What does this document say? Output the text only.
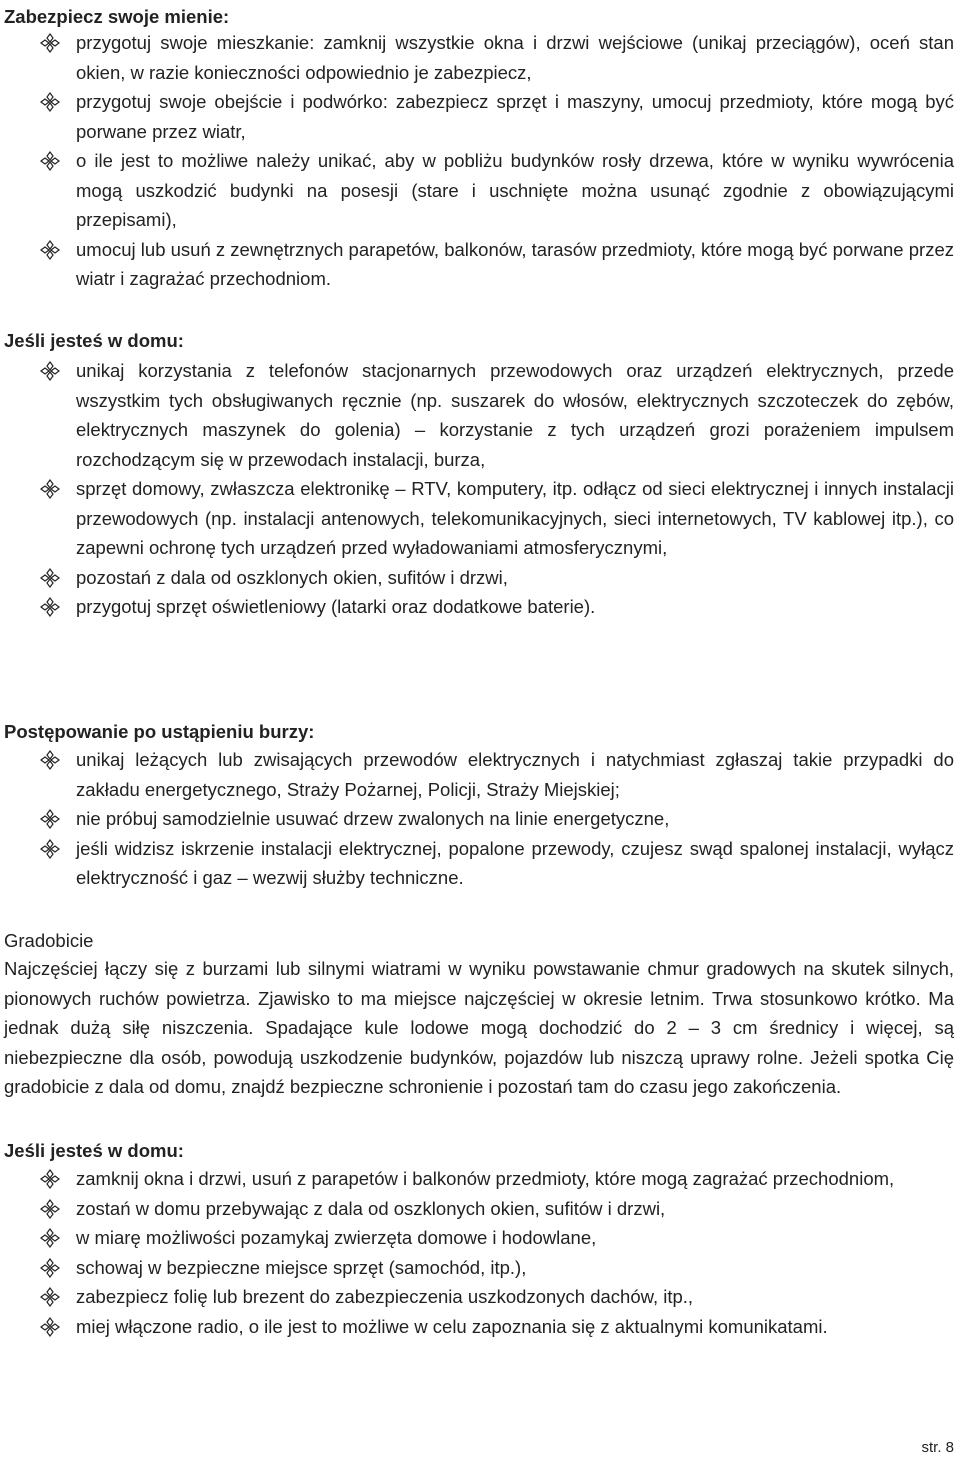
Zabezpiecz swoje mienie:
przygotuj swoje mieszkanie: zamknij wszystkie okna i drzwi wejściowe (unikaj przeciągów), oceń stan okien, w razie konieczności odpowiednio je zabezpiecz,
przygotuj swoje obejście i podwórko: zabezpiecz sprzęt i maszyny, umocuj przedmioty, które mogą być porwane przez wiatr,
o ile jest to możliwe należy unikać, aby w pobliżu budynków rosły drzewa, które w wyniku wywrócenia mogą uszkodzić budynki na posesji (stare i uschnięte można usunąć zgodnie z obowiązującymi przepisami),
umocuj lub usuń z zewnętrznych parapetów, balkonów, tarasów przedmioty, które mogą być porwane przez wiatr i zagrażać przechodniom.
Jeśli jesteś w domu:
unikaj korzystania z telefonów stacjonarnych przewodowych oraz urządzeń elektrycznych, przede wszystkim tych obsługiwanych ręcznie (np. suszarek do włosów, elektrycznych szczoteczek do zębów, elektrycznych maszynek do golenia) – korzystanie z tych urządzeń grozi porażeniem impulsem rozchodzącym się w przewodach instalacji, burza,
sprzęt domowy, zwłaszcza elektronikę – RTV, komputery, itp. odłącz od sieci elektrycznej i innych instalacji przewodowych (np. instalacji antenowych, telekomunikacyjnych, sieci internetowych, TV kablowej itp.), co zapewni ochronę tych urządzeń przed wyładowaniami atmosferycznymi,
pozostań z dala od oszklonych okien, sufitów i drzwi,
przygotuj sprzęt oświetleniowy (latarki oraz dodatkowe baterie).
Postępowanie po ustąpieniu burzy:
unikaj leżących lub zwisających przewodów elektrycznych i natychmiast zgłaszaj takie przypadki do zakładu energetycznego, Straży Pożarnej, Policji, Straży Miejskiej;
nie próbuj samodzielnie usuwać drzew zwalonych na linie energetyczne,
jeśli widzisz iskrzenie instalacji elektrycznej, popalone przewody, czujesz swąd spalonej instalacji, wyłącz elektryczność i gaz – wezwij służby techniczne.
Gradobicie

Najczęściej łączy się z burzami lub silnymi wiatrami w wyniku powstawanie chmur gradowych na skutek silnych, pionowych ruchów powietrza. Zjawisko to ma miejsce najczęściej w okresie letnim. Trwa stosunkowo krótko. Ma jednak dużą siłę niszczenia. Spadające kule lodowe mogą dochodzić do 2 – 3 cm średnicy i więcej, są niebezpieczne dla osób, powodują uszkodzenie budynków, pojazdów lub niszczą uprawy rolne. Jeżeli spotka Cię gradobicie z dala od domu, znajdź bezpieczne schronienie i pozostań tam do czasu jego zakończenia.

Jeśli jesteś w domu:
zamknij okna i drzwi, usuń z parapetów i balkonów przedmioty, które mogą zagrażać przechodniom,
zostań w domu przebywając z dala od oszklonych okien, sufitów i drzwi,
w miarę możliwości pozamykaj zwierzęta domowe i hodowlane,
schowaj w bezpieczne miejsce sprzęt (samochód, itp.),
zabezpiecz folię lub brezent do zabezpieczenia uszkodzonych dachów, itp.,
miej włączone radio, o ile jest to możliwe w celu zapoznania się z aktualnymi komunikatami.
str. 8
